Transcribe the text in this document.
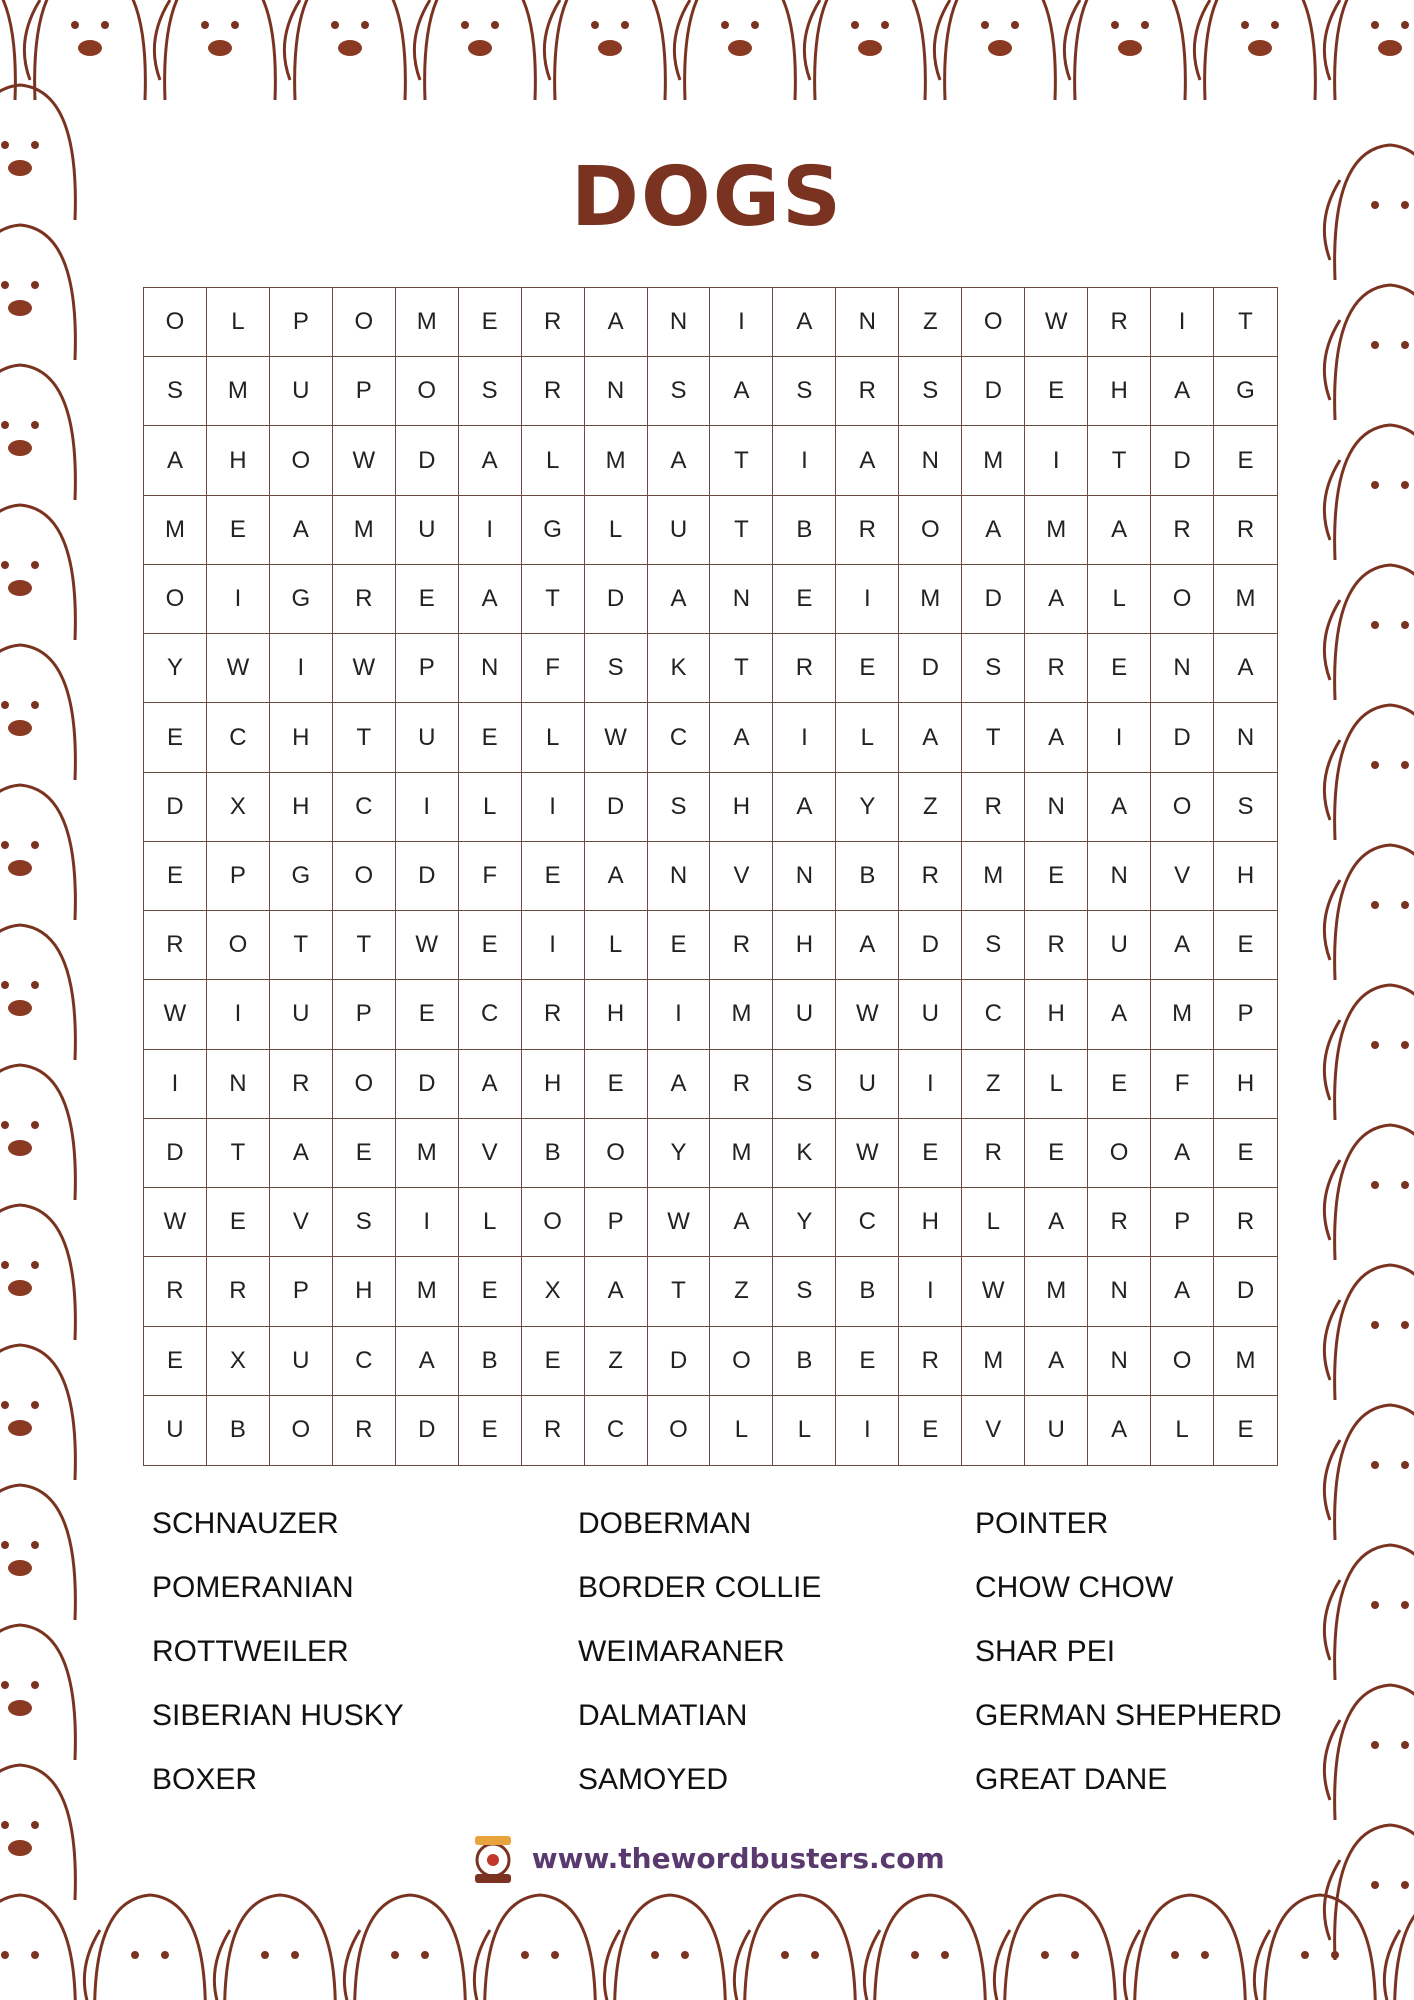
DOGS
O	L	P	O	M	E	R	A	N	I	A	N	Z	O	W	R	I	T
S	M	U	P	O	S	R	N	S	A	S	R	S	D	E	H	A	G
A	H	O	W	D	A	L	M	A	T	I	A	N	M	I	T	D	E
M	E	A	M	U	I	G	L	U	T	B	R	O	A	M	A	R	R
O	I	G	R	E	A	T	D	A	N	E	I	M	D	A	L	O	M
Y	W	I	W	P	N	F	S	K	T	R	E	D	S	R	E	N	A
E	C	H	T	U	E	L	W	C	A	I	L	A	T	A	I	D	N
D	X	H	C	I	L	I	D	S	H	A	Y	Z	R	N	A	O	S
E	P	G	O	D	F	E	A	N	V	N	B	R	M	E	N	V	H
R	O	T	T	W	E	I	L	E	R	H	A	D	S	R	U	A	E
W	I	U	P	E	C	R	H	I	M	U	W	U	C	H	A	M	P
I	N	R	O	D	A	H	E	A	R	S	U	I	Z	L	E	F	H
D	T	A	E	M	V	B	O	Y	M	K	W	E	R	E	O	A	E
W	E	V	S	I	L	O	P	W	A	Y	C	H	L	A	R	P	R
R	R	P	H	M	E	X	A	T	Z	S	B	I	W	M	N	A	D
E	X	U	C	A	B	E	Z	D	O	B	E	R	M	A	N	O	M
U	B	O	R	D	E	R	C	O	L	L	I	E	V	U	A	L	E
SCHNAUZER
POMERANIAN
ROTTWEILER
SIBERIAN HUSKY
BOXER
DOBERMAN
BORDER COLLIE
WEIMARANER
DALMATIAN
SAMOYED
POINTER
CHOW CHOW
SHAR PEI
GERMAN SHEPHERD
GREAT DANE
www.thewordbusters.com
